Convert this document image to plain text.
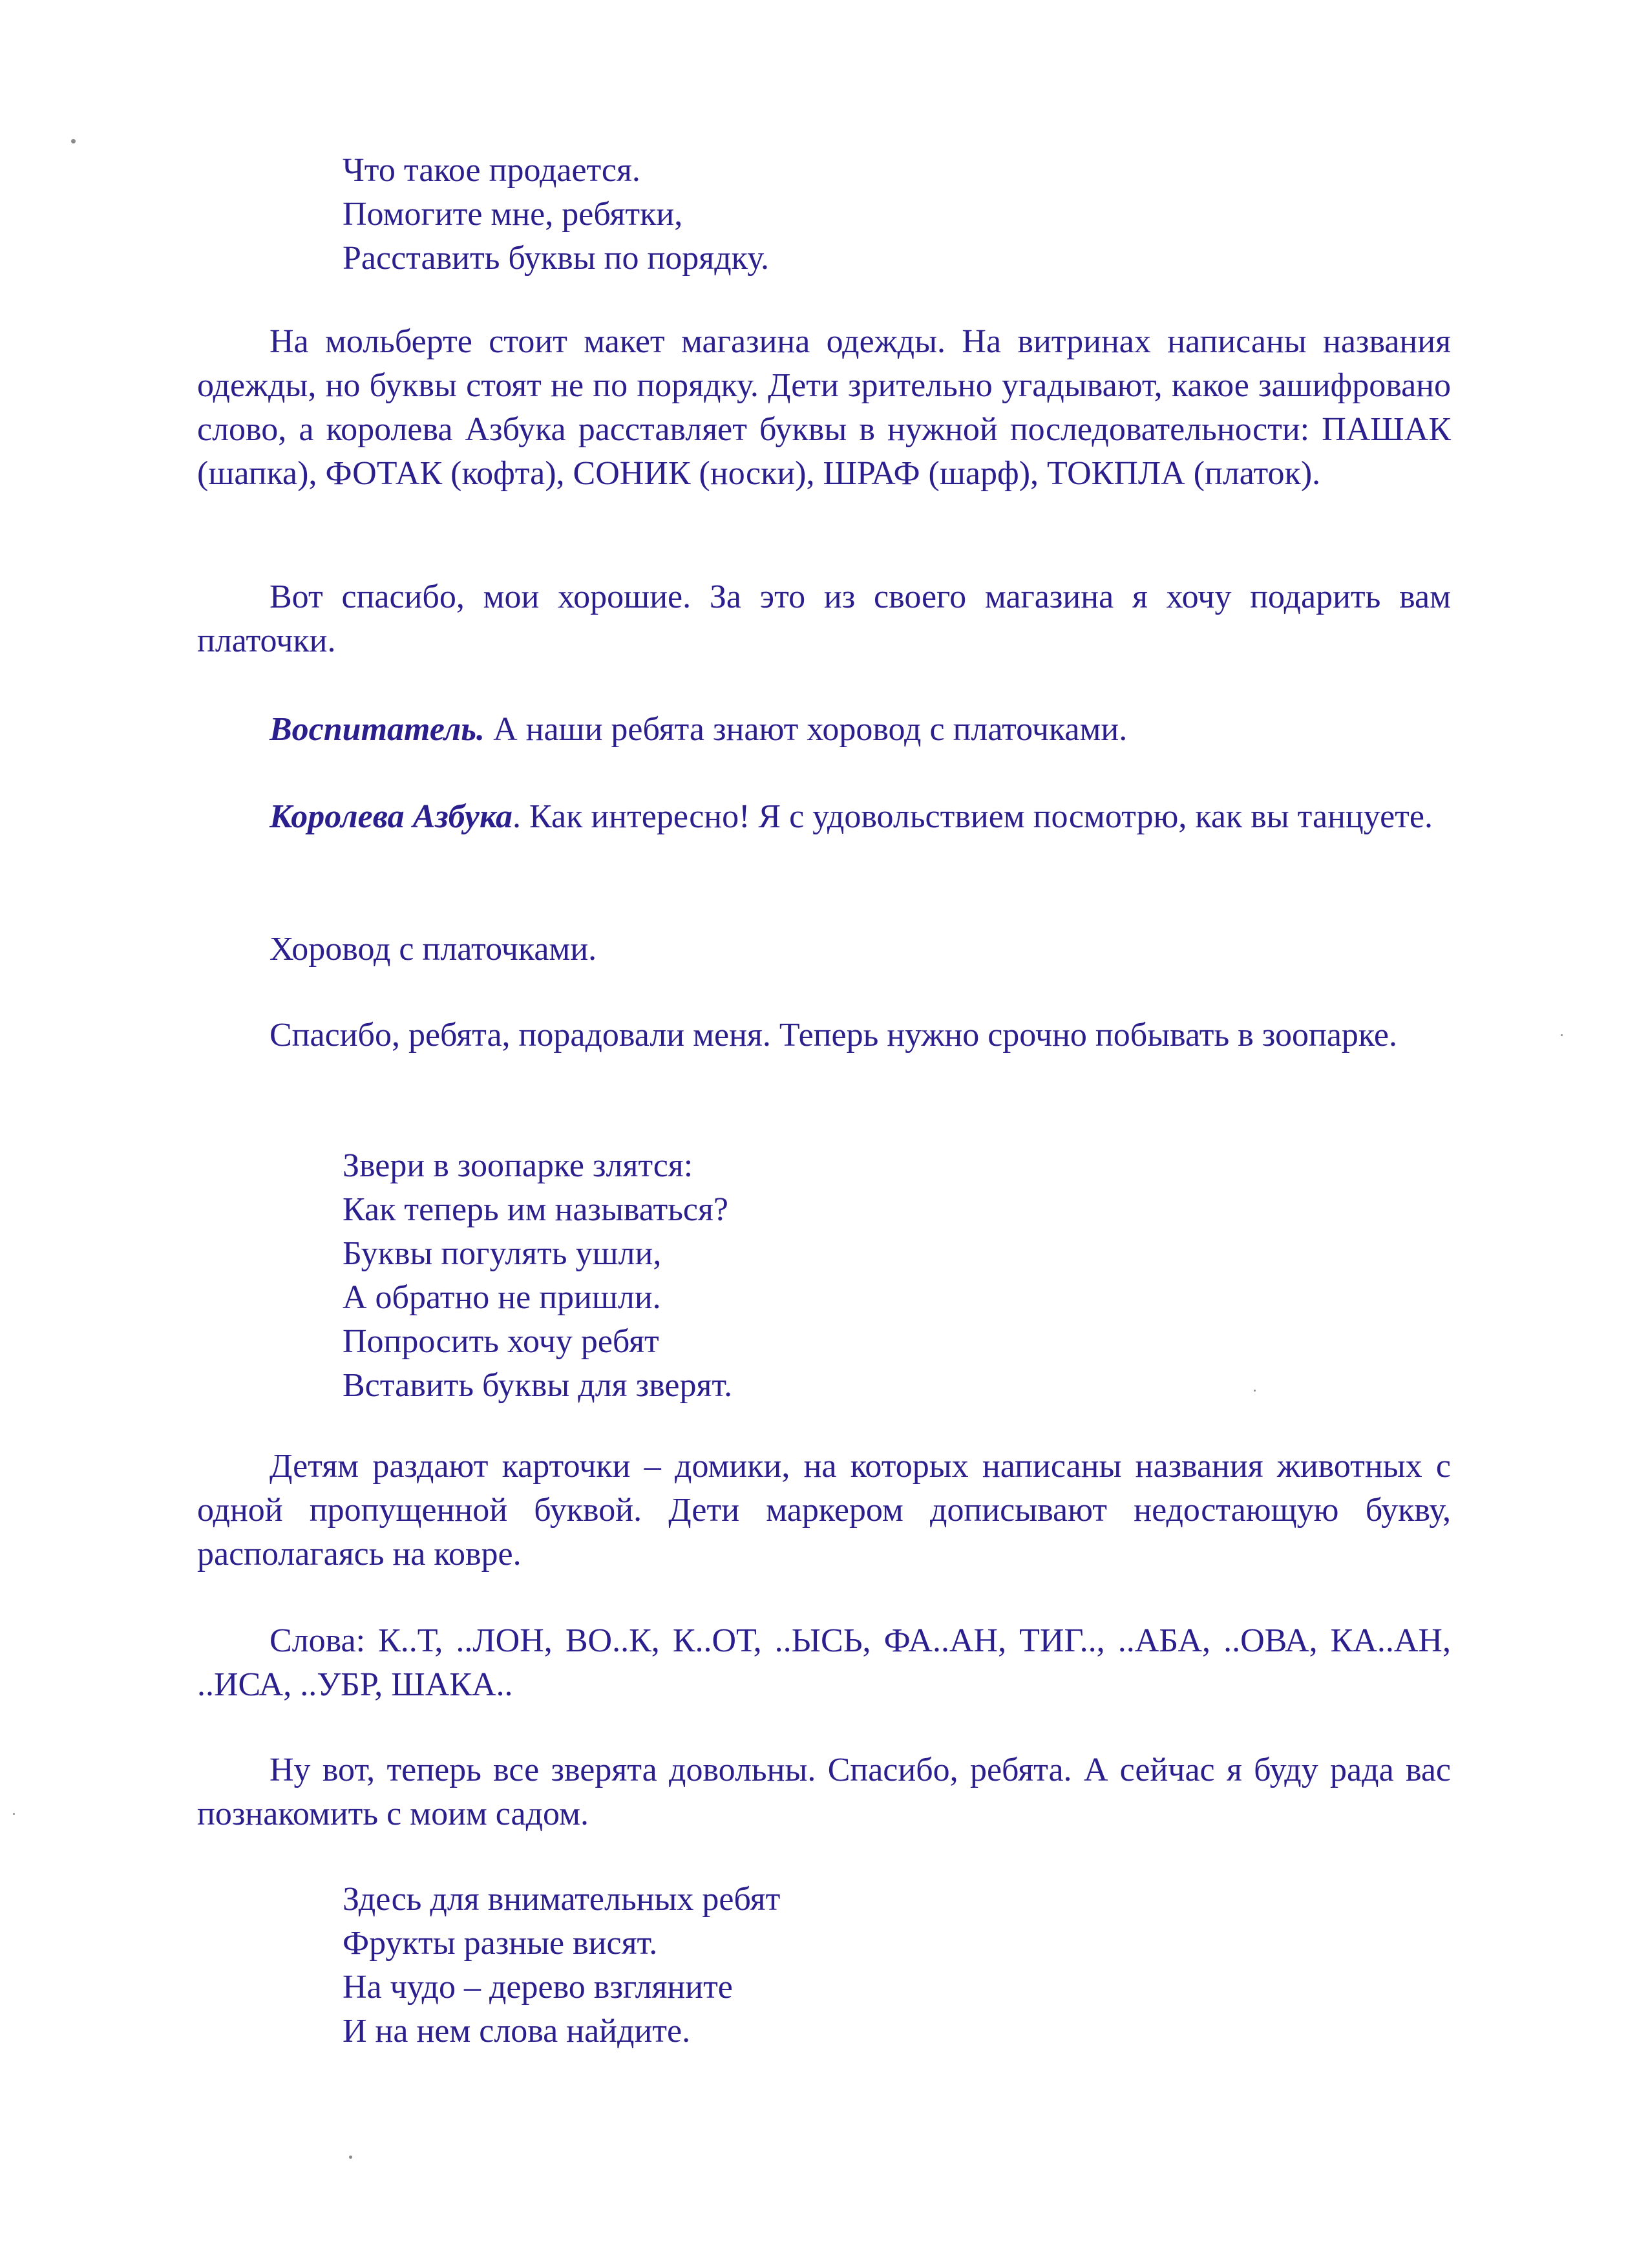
Что такое продается.
Помогите мне, ребятки,
Расставить буквы по порядку.

На мольберте стоит макет магазина одежды. На витринах написаны названия одежды, но буквы стоят не по порядку. Дети зрительно угадывают, какое зашифровано слово, а королева Азбука расставляет буквы в нужной последовательности: ПАШАК (шапка), ФОТАК (кофта), СОНИК (носки), ШРАФ (шарф), ТОКПЛА (платок).

Вот спасибо, мои хорошие. За это из своего магазина я хочу подарить вам платочки.

Воспитатель. А наши ребята знают хоровод с платочками.

Королева Азбука. Как интересно! Я с удовольствием посмотрю, как вы танцуете.

Хоровод с платочками.

Спасибо, ребята, порадовали меня. Теперь нужно срочно побывать в зоопарке.

Звери в зоопарке злятся:
Как теперь им называться?
Буквы погулять ушли,
А обратно не пришли.
Попросить хочу ребят
Вставить буквы для зверят.

Детям раздают карточки – домики, на которых написаны названия животных с одной пропущенной буквой. Дети маркером дописывают недостающую букву, располагаясь на ковре.

Слова: К..Т, ..ЛОН, ВО..К, К..ОТ, ..ЫСЬ, ФА..АН, ТИГ.., ..АБА, ..ОВА, КА..АН, ..ИСА, ..УБР, ШАКА..

Ну вот, теперь все зверята довольны. Спасибо, ребята. А сейчас я буду рада вас познакомить с моим садом.

Здесь для внимательных ребят
Фрукты разные висят.
На чудо – дерево взгляните
И на нем слова найдите.
